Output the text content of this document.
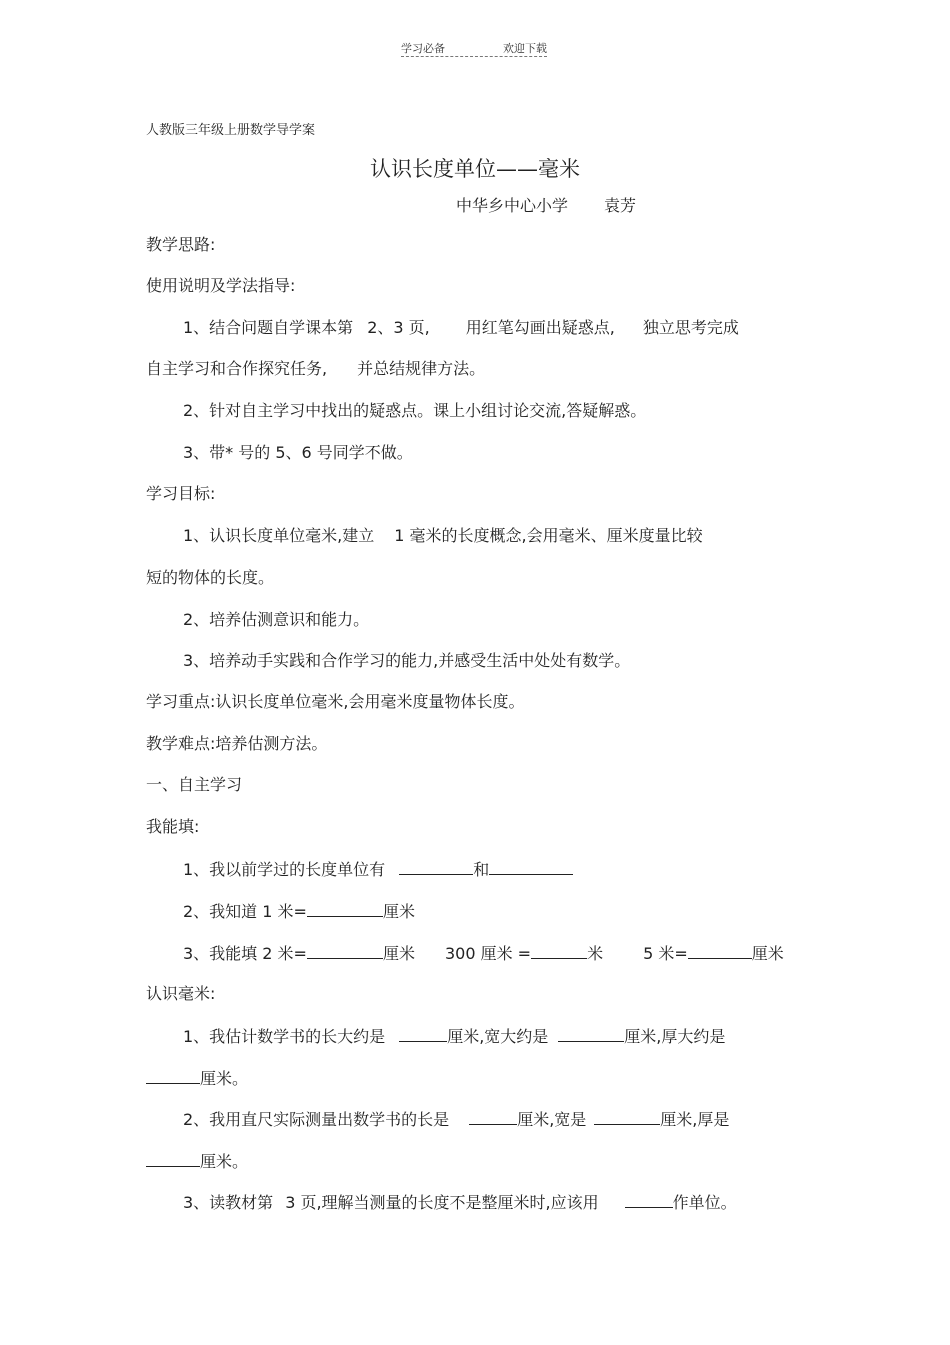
学习必备	欢迎下载
人教版三年级上册数学导学案
认识长度单位——毫米
中华乡中心小学 袁芳
教学思路:
使用说明及学法指导:
1、结合问题自学课本第 2、3 页, 用红笔勾画出疑惑点, 独立思考完成
自主学习和合作探究任务, 并总结规律方法。
2、针对自主学习中找出的疑惑点。课上小组讨论交流,答疑解惑。
3、带* 号的 5、6 号同学不做。
学习目标:
1、认识长度单位毫米,建立 1 毫米的长度概念,会用毫米、厘米度量比较
短的物体的长度。
2、培养估测意识和能力。
3、培养动手实践和合作学习的能力,并感受生活中处处有数学。
学习重点:认识长度单位毫米,会用毫米度量物体长度。
教学难点:培养估测方法。
一、自主学习
我能填:
1、我以前学过的长度单位有	和
2、我知道 1 米=	厘米
3、我能填 2 米=	厘米 300 厘米 =	米	5 米=	厘米
认识毫米:
1、我估计数学书的长大约是	厘米,宽大约是	厘米,厚大约是
厘米。
2、我用直尺实际测量出数学书的长是	厘米,宽是	厘米,厚是
厘米。
3、读教材第 3 页,理解当测量的长度不是整厘米时,应该用	作单位。
